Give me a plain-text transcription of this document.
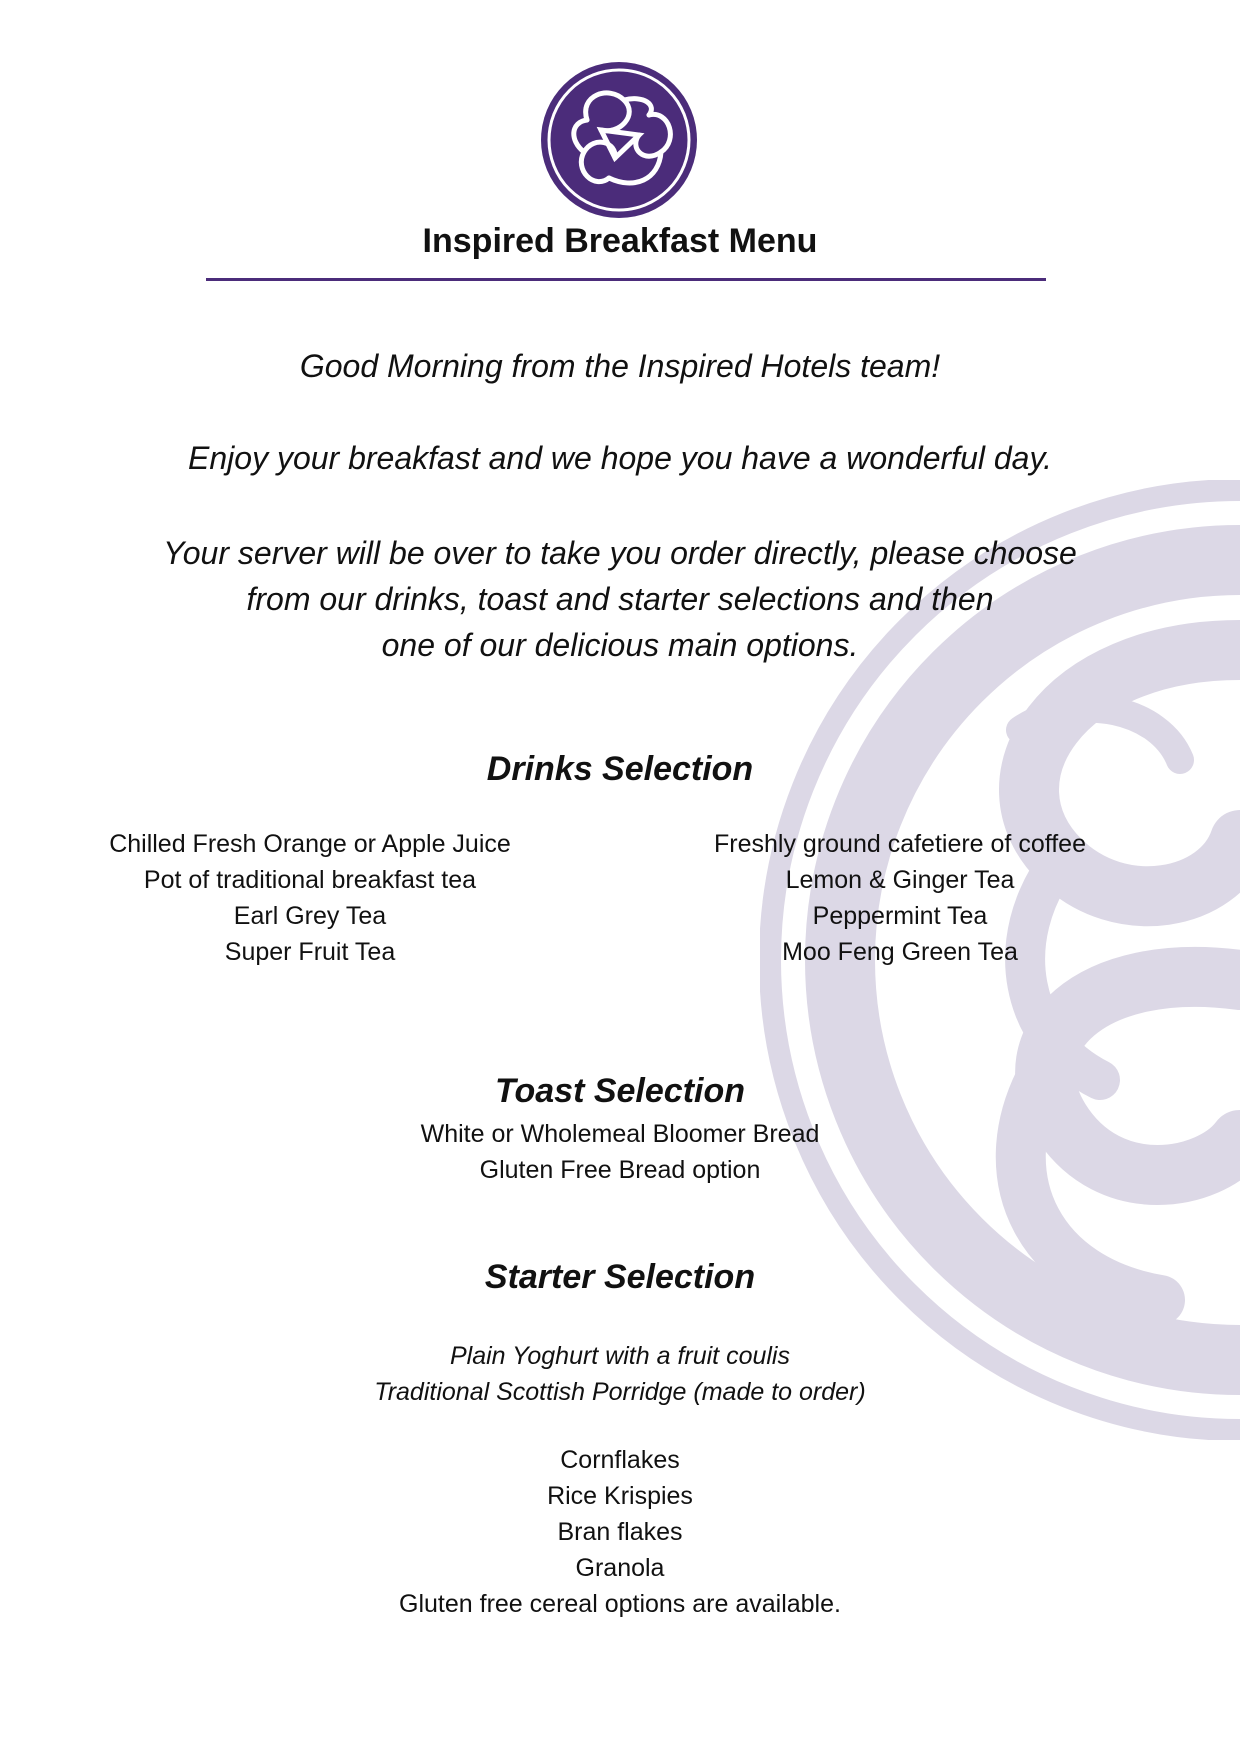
Inspired Breakfast Menu
Good Morning from the Inspired Hotels team!
Enjoy your breakfast and we hope you have a wonderful day.
Your server will be over to take you order directly, please choose
from our drinks, toast and starter selections and then
one of our delicious main options.
Drinks Selection
Chilled Fresh Orange or Apple Juice
Pot of traditional breakfast tea
Earl Grey Tea
Super Fruit Tea
Freshly ground cafetiere of coffee
Lemon & Ginger Tea
Peppermint Tea
Moo Feng Green Tea
Toast Selection
White or Wholemeal Bloomer Bread
Gluten Free Bread option
Starter Selection
Plain Yoghurt with a fruit coulis
Traditional Scottish Porridge (made to order)
Cornflakes
Rice Krispies
Bran flakes
Granola
Gluten free cereal options are available.
